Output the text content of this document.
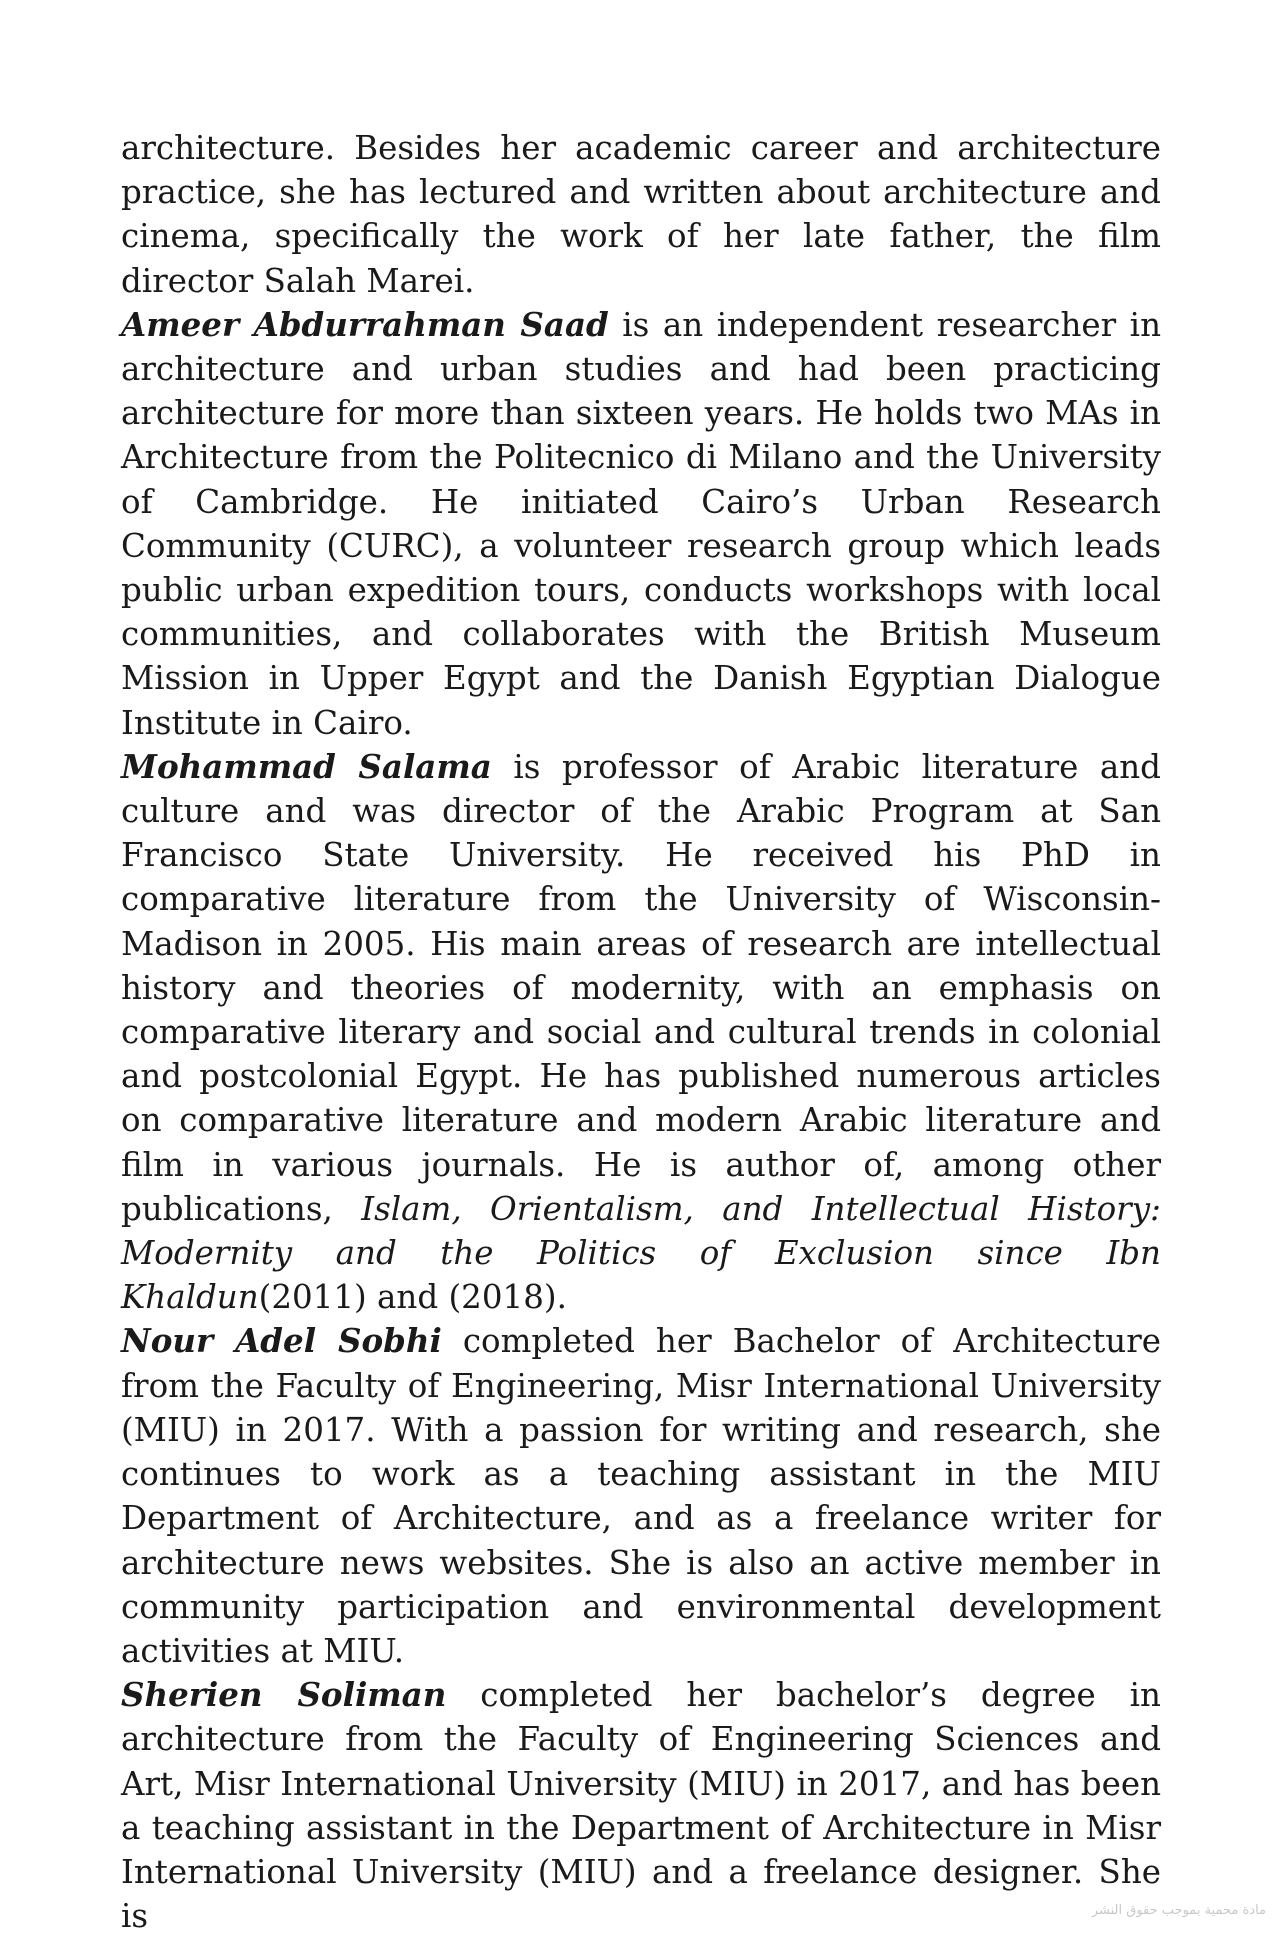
architecture. Besides her academic career and architecture practice, she has lectured and written about architecture and cinema, specifically the work of her late father, the film director Salah Marei.

Ameer Abdurrahman Saad is an independent researcher in architecture and urban studies and had been practicing architecture for more than sixteen years. He holds two MAs in Architecture from the Politecnico di Milano and the University of Cambridge. He initiated Cairo’s Urban Research Community (CURC), a volunteer research group which leads public urban expedition tours, conducts workshops with local communities, and collaborates with the British Museum Mission in Upper Egypt and the Danish Egyptian Dialogue Institute in Cairo.

Mohammad Salama is professor of Arabic literature and culture and was director of the Arabic Program at San Francisco State University. He received his PhD in comparative literature from the University of Wisconsin-Madison in 2005. His main areas of research are intellectual history and theories of modernity, with an emphasis on comparative literary and social and cultural trends in colonial and postcolonial Egypt. He has published numerous articles on comparative literature and modern Arabic literature and film in various journals. He is author of, among other publications, Islam, Orientalism, and Intellectual History: Modernity and the Politics of Exclusion since Ibn Khaldun(2011) and (2018).

Nour Adel Sobhi completed her Bachelor of Architecture from the Faculty of Engineering, Misr International University (MIU) in 2017. With a passion for writing and research, she continues to work as a teaching assistant in the MIU Department of Architecture, and as a freelance writer for architecture news websites. She is also an active member in community participation and environmental development activities at MIU.

Sherien Soliman completed her bachelor’s degree in architecture from the Faculty of Engineering Sciences and Art, Misr International University (MIU) in 2017, and has been a teaching assistant in the Department of Architecture in Misr International University (MIU) and a freelance designer. She is	مادة محمية بموجب حقوق النشر
